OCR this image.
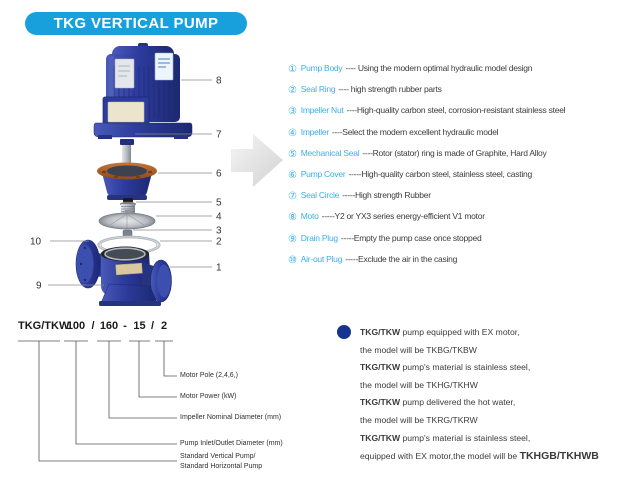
TKG VERTICAL PUMP
8
7
6
5
4
3
2
1
10
9
① Pump Body ---- Using the modern optimal hydraulic model design
② Seal Ring ---- high strength rubber parts
③ Impeller Nut ----High-quality carbon steel, corrosion-resistant stainless steel
④ Impeller ----Select the modern excellent hydraulic model
⑤ Mechanical Seal ----Rotor (stator) ring is made of Graphite, Hard Alloy
⑥ Pump Cover -----High-quality carbon steel, stainless steel, casting
⑦ Seal Circle -----High strength Rubber
⑧ Moto -----Y2 or YX3 series energy-efficient V1 motor
⑨ Drain Plug -----Empty the pump case once stopped
⑩ Air-out Plug -----Exclude the air in the casing
TKG/TKW
100 / 160 - 15 / 2
Motor Pole (2,4,6,)
Motor Power (kW)
Impeller Nominal Diameter (mm)
Pump Inlet/Outlet Diameter (mm)
Standard Vertical Pump/
Standard Horizontal Pump
TKG/TKW pump equipped with EX motor,
the model will be TKBG/TKBW
TKG/TKW pump's material is stainless steel,
the model will be TKHG/TKHW
TKG/TKW pump delivered the hot water,
the model will be TKRG/TKRW
TKG/TKW pump's material is stainless steel,
equipped with EX motor,the model will be TKHGB/TKHWB
